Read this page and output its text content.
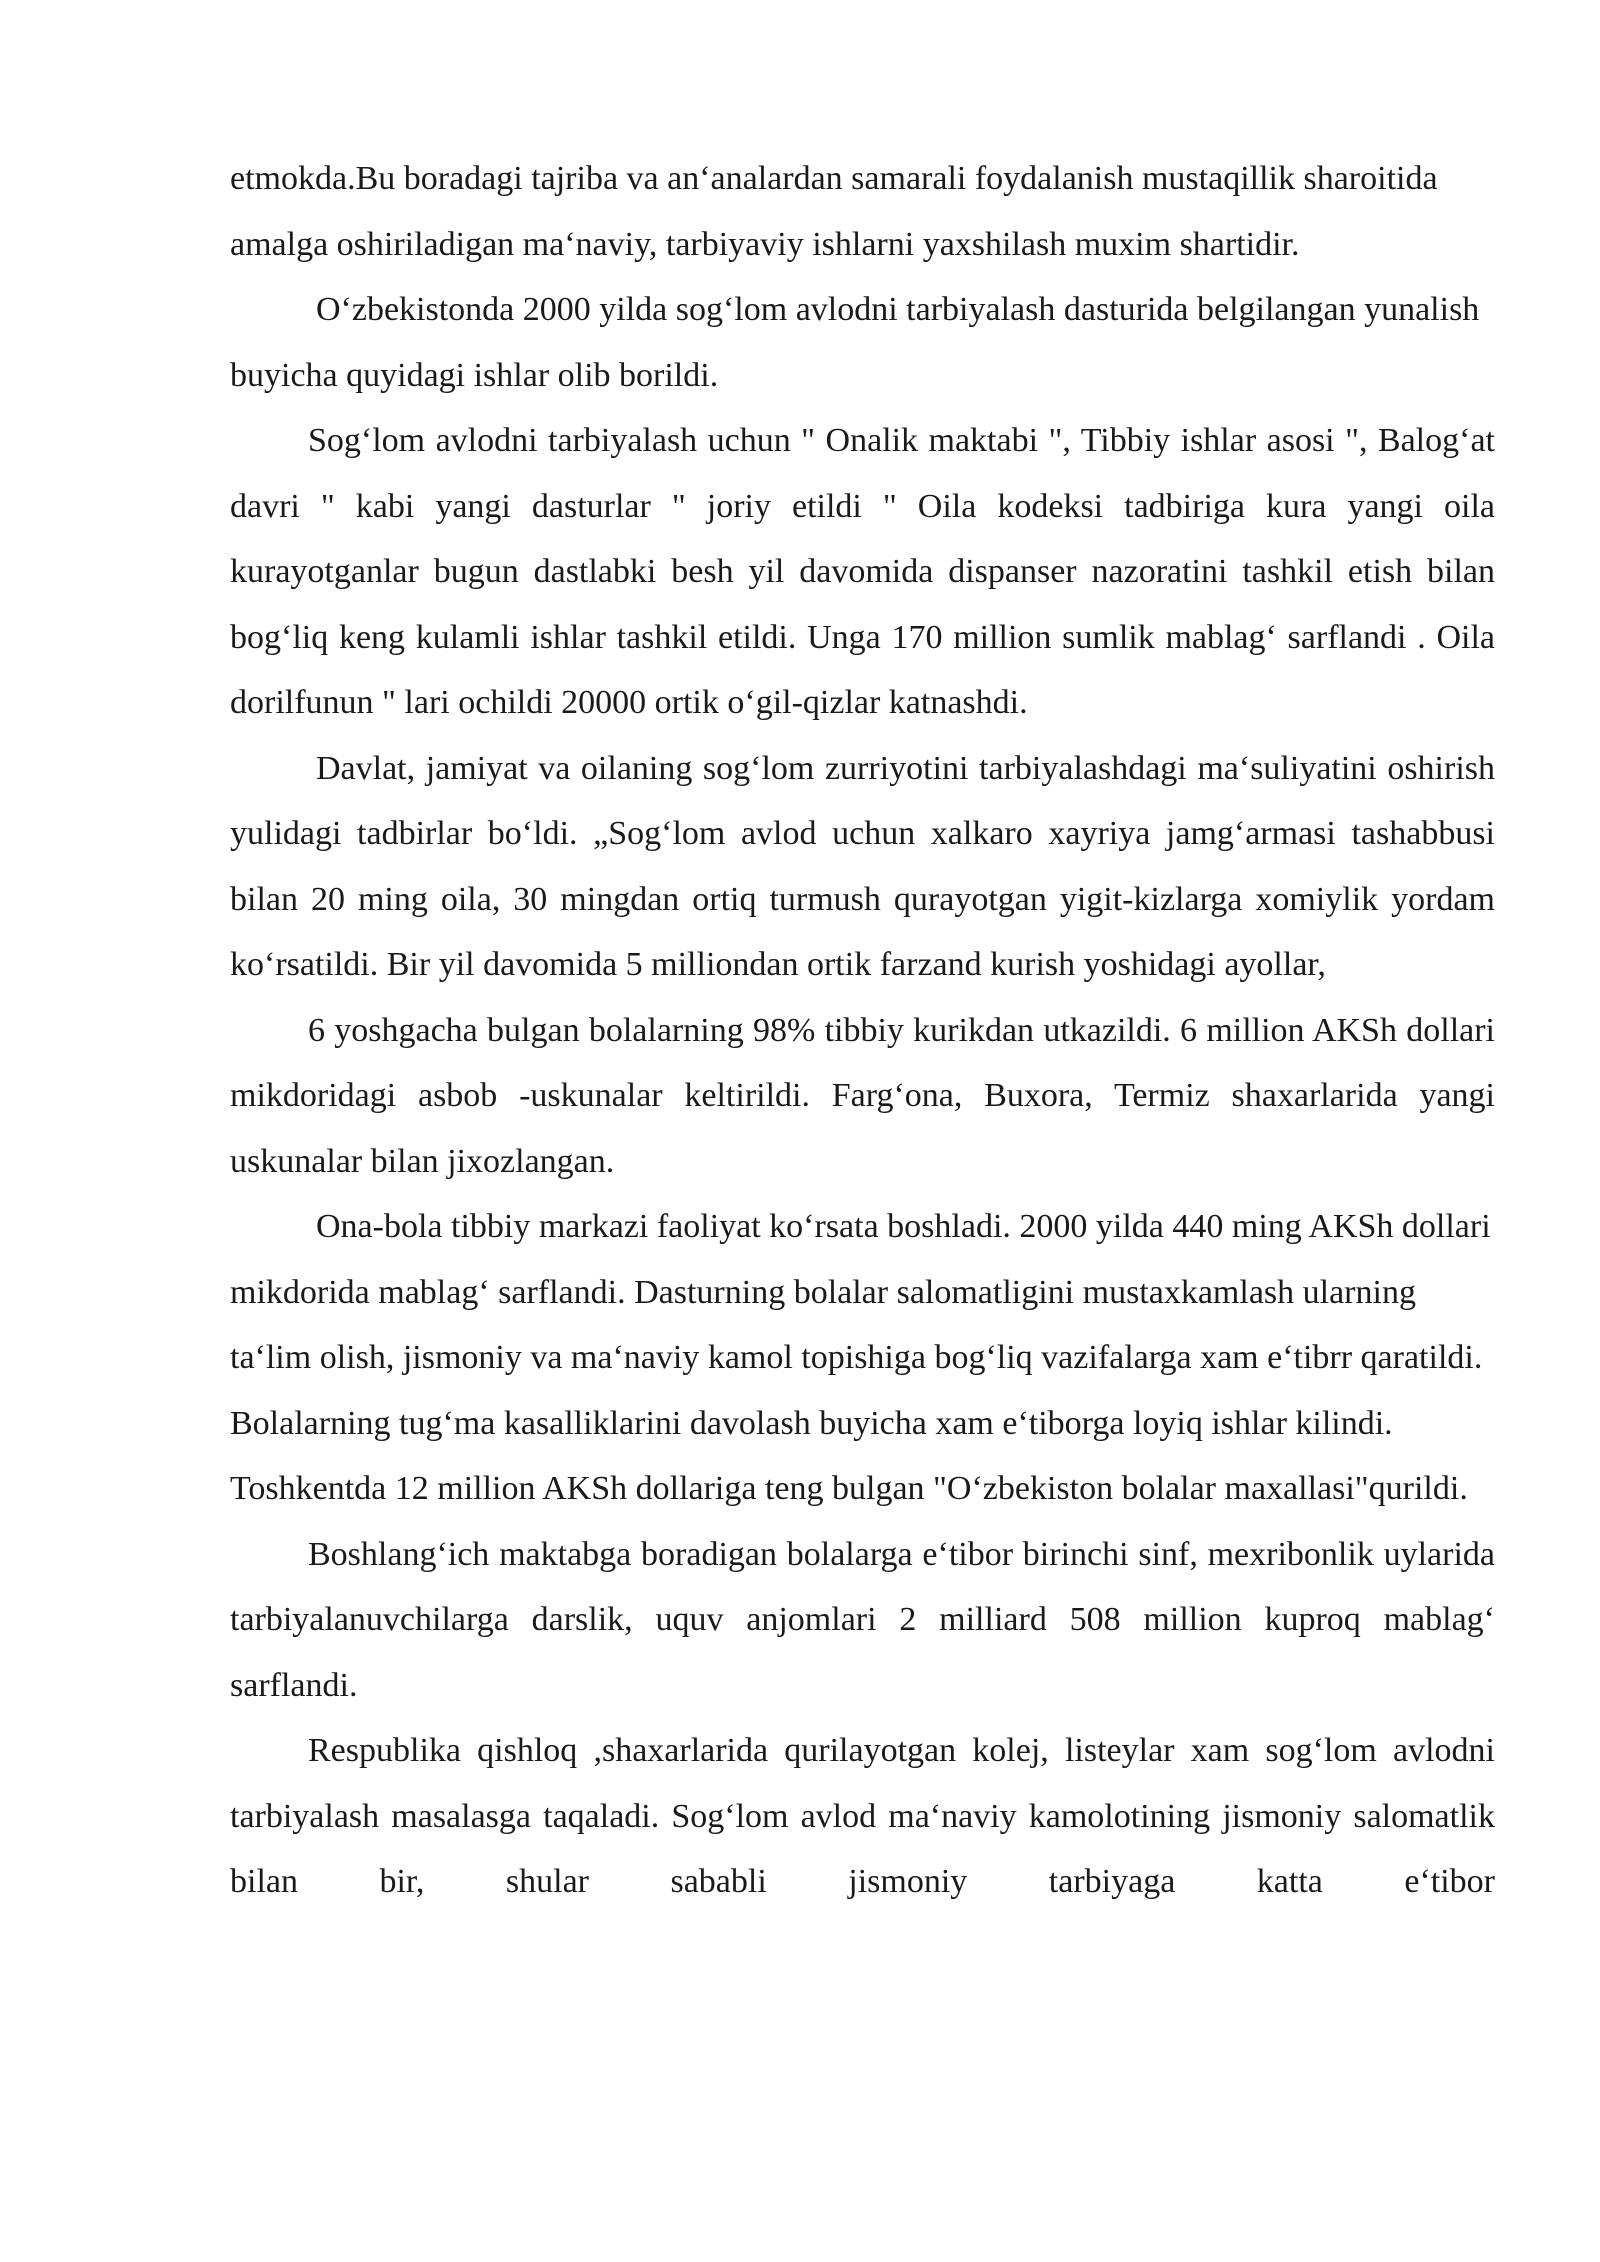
etmokda.Bu boradagi tajriba va an‘analardan samarali foydalanish mustaqillik sharoitida amalga oshiriladigan ma‘naviy, tarbiyaviy ishlarni yaxshilash muxim shartidir.

O‘zbekistonda 2000 yilda sog‘lom avlodni tarbiyalash dasturida belgilangan yunalish buyicha quyidagi ishlar olib borildi.

Sog‘lom avlodni tarbiyalash uchun " Onalik maktabi ", Tibbiy ishlar asosi ", Balog‘at davri " kabi yangi dasturlar " joriy etildi " Oila kodeksi tadbiriga kura yangi oila kurayotganlar bugun dastlabki besh yil davomida dispanser nazoratini tashkil etish bilan bog‘liq keng kulamli ishlar tashkil etildi. Unga 170 million sumlik mablag‘ sarflandi . Oila dorilfunun " lari ochildi 20000 ortik o‘gil-qizlar katnashdi.

Davlat, jamiyat va oilaning sog‘lom zurriyotini tarbiyalashdagi ma‘suliyatini oshirish yulidagi tadbirlar bo‘ldi. „Sog‘lom avlod uchun xalkaro xayriya jamg‘armasi tashabbusi bilan 20 ming oila, 30 mingdan ortiq turmush qurayotgan yigit-kizlarga xomiylik yordam ko‘rsatildi. Bir yil davomida 5 milliondan ortik farzand kurish yoshidagi ayollar,

6 yoshgacha bulgan bolalarning 98% tibbiy kurikdan utkazildi. 6 million AKSh dollari mikdoridagi asbob -uskunalar keltirildi. Farg‘ona, Buxora, Termiz shaxarlarida yangi uskunalar bilan jixozlangan.

Ona-bola tibbiy markazi faoliyat ko‘rsata boshladi. 2000 yilda 440 ming AKSh dollari mikdorida mablag‘ sarflandi. Dasturning bolalar salomatligini mustaxkamlash ularning ta‘lim olish, jismoniy va ma‘naviy kamol topishiga bog‘liq vazifalarga xam e‘tibrr qaratildi. Bolalarning tug‘ma kasalliklarini davolash buyicha xam e‘tiborga loyiq ishlar kilindi. Toshkentda 12 million AKSh dollariga teng bulgan "O‘zbekiston bolalar maxallasi"qurildi.

Boshlang‘ich maktabga boradigan bolalarga e‘tibor birinchi sinf, mexribonlik uylarida tarbiyalanuvchilarga darslik, uquv anjomlari 2 milliard 508 million kuproq mablag‘ sarflandi.

Respublika qishloq ,shaxarlarida qurilayotgan kolej, listeylar xam sog‘lom avlodni tarbiyalash masalasga taqaladi. Sog‘lom avlod ma‘naviy kamolotining jismoniy salomatlik bilan bir, shular sababli jismoniy tarbiyaga katta e‘tibor
